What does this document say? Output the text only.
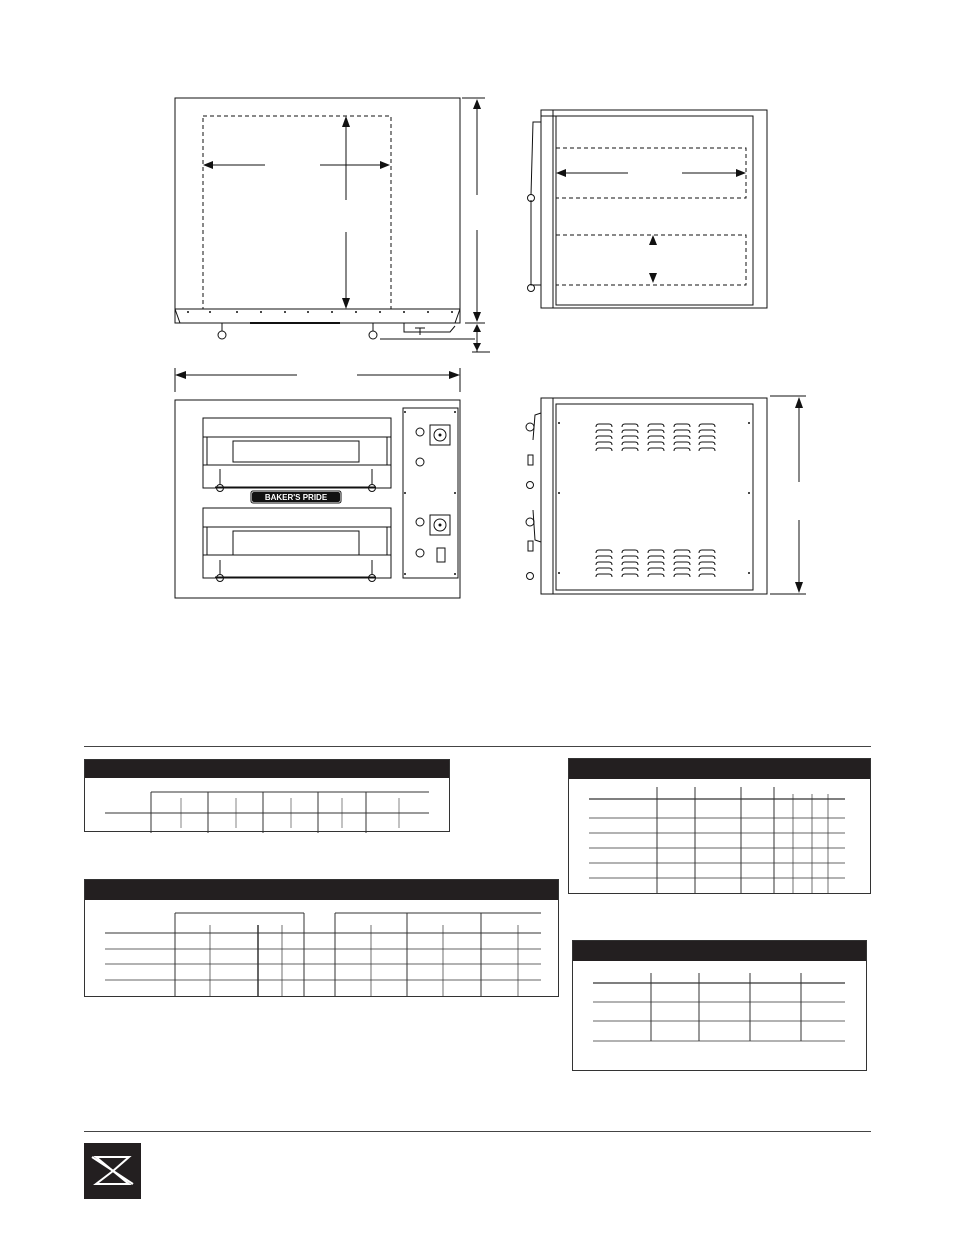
BAKER'S PRIDE
